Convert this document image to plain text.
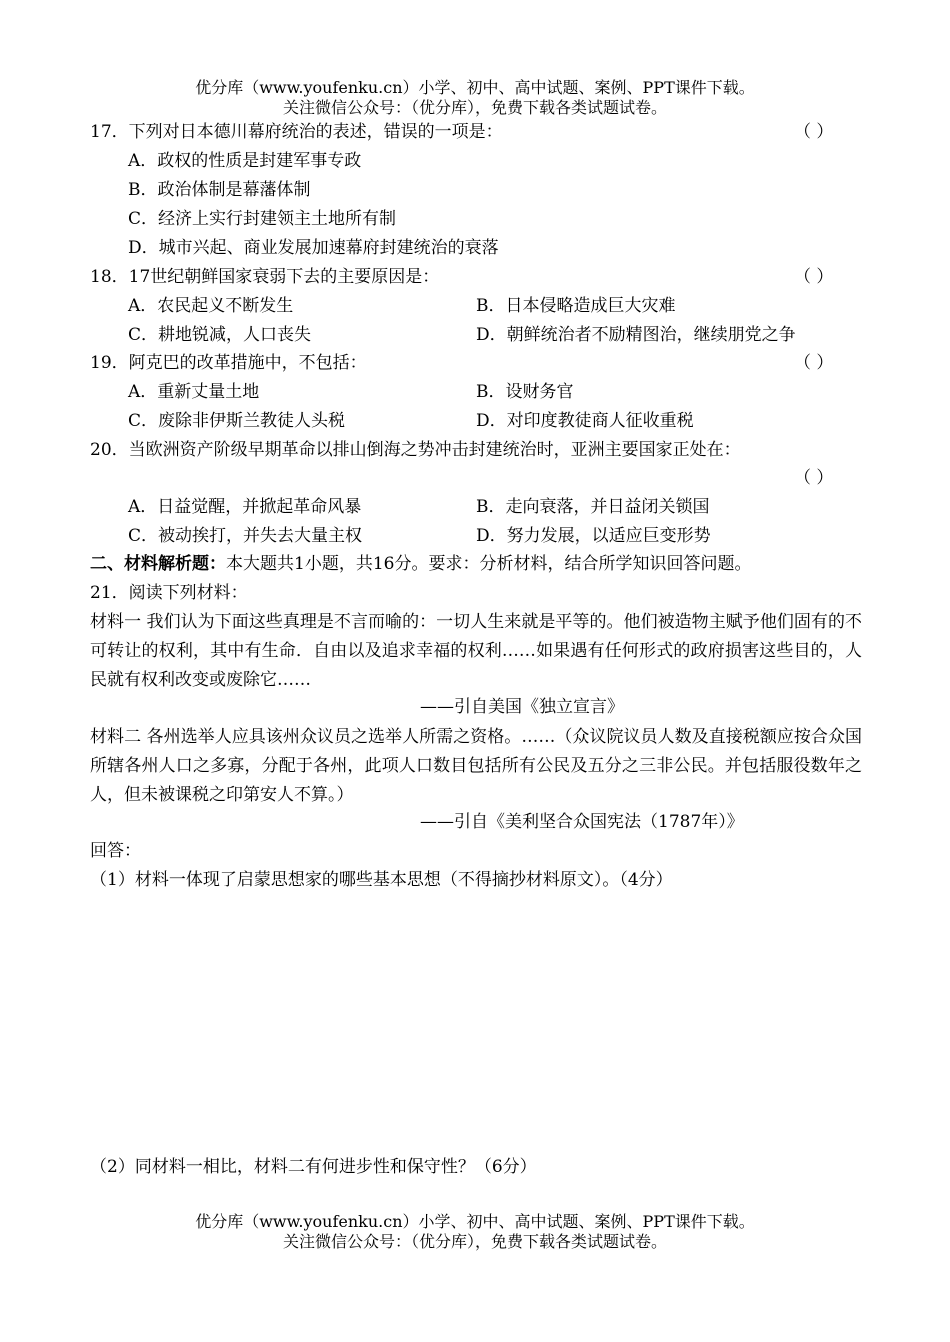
优分库（www.youfenku.cn）小学、初中、高中试题、案例、PPT课件下载。
关注微信公众号：（优分库），免费下载各类试题试卷。
17．下列对日本德川幕府统治的表述，错误的一项是：	（ ）
A．政权的性质是封建军事专政
B．政治体制是幕藩体制
C．经济上实行封建领主土地所有制
D．城市兴起、商业发展加速幕府封建统治的衰落
18．17世纪朝鲜国家衰弱下去的主要原因是：	（ ）
A．农民起义不断发生	B．日本侵略造成巨大灾难
C．耕地锐减，人口丧失	D．朝鲜统治者不励精图治，继续朋党之争
19．阿克巴的改革措施中，不包括：	（ ）
A．重新丈量土地	B．设财务官
C．废除非伊斯兰教徒人头税	D．对印度教徒商人征收重税
20．当欧洲资产阶级早期革命以排山倒海之势冲击封建统治时，亚洲主要国家正处在：
（ ）
A．日益觉醒，并掀起革命风暴	B．走向衰落，并日益闭关锁国
C．被动挨打，并失去大量主权	D．努力发展，以适应巨变形势
二、材料解析题：本大题共1小题，共16分。要求：分析材料，结合所学知识回答问题。
21．阅读下列材料：
材料一 我们认为下面这些真理是不言而喻的：一切人生来就是平等的。他们被造物主赋予他们固有的不可转让的权利，其中有生命．自由以及追求幸福的权利……如果遇有任何形式的政府损害这些目的，人民就有权利改变或废除它……
——引自美国《独立宣言》
材料二 各州选举人应具该州众议员之选举人所需之资格。……（众议院议员人数及直接税额应按合众国所辖各州人口之多寡，分配于各州，此项人口数目包括所有公民及五分之三非公民。并包括服役数年之人，但未被课税之印第安人不算。）
——引自《美利坚合众国宪法（1787年）》
回答：
（1）材料一体现了启蒙思想家的哪些基本思想（不得摘抄材料原文）。（4分）
（2）同材料一相比，材料二有何进步性和保守性？（6分）
优分库（www.youfenku.cn）小学、初中、高中试题、案例、PPT课件下载。
关注微信公众号：（优分库），免费下载各类试题试卷。
